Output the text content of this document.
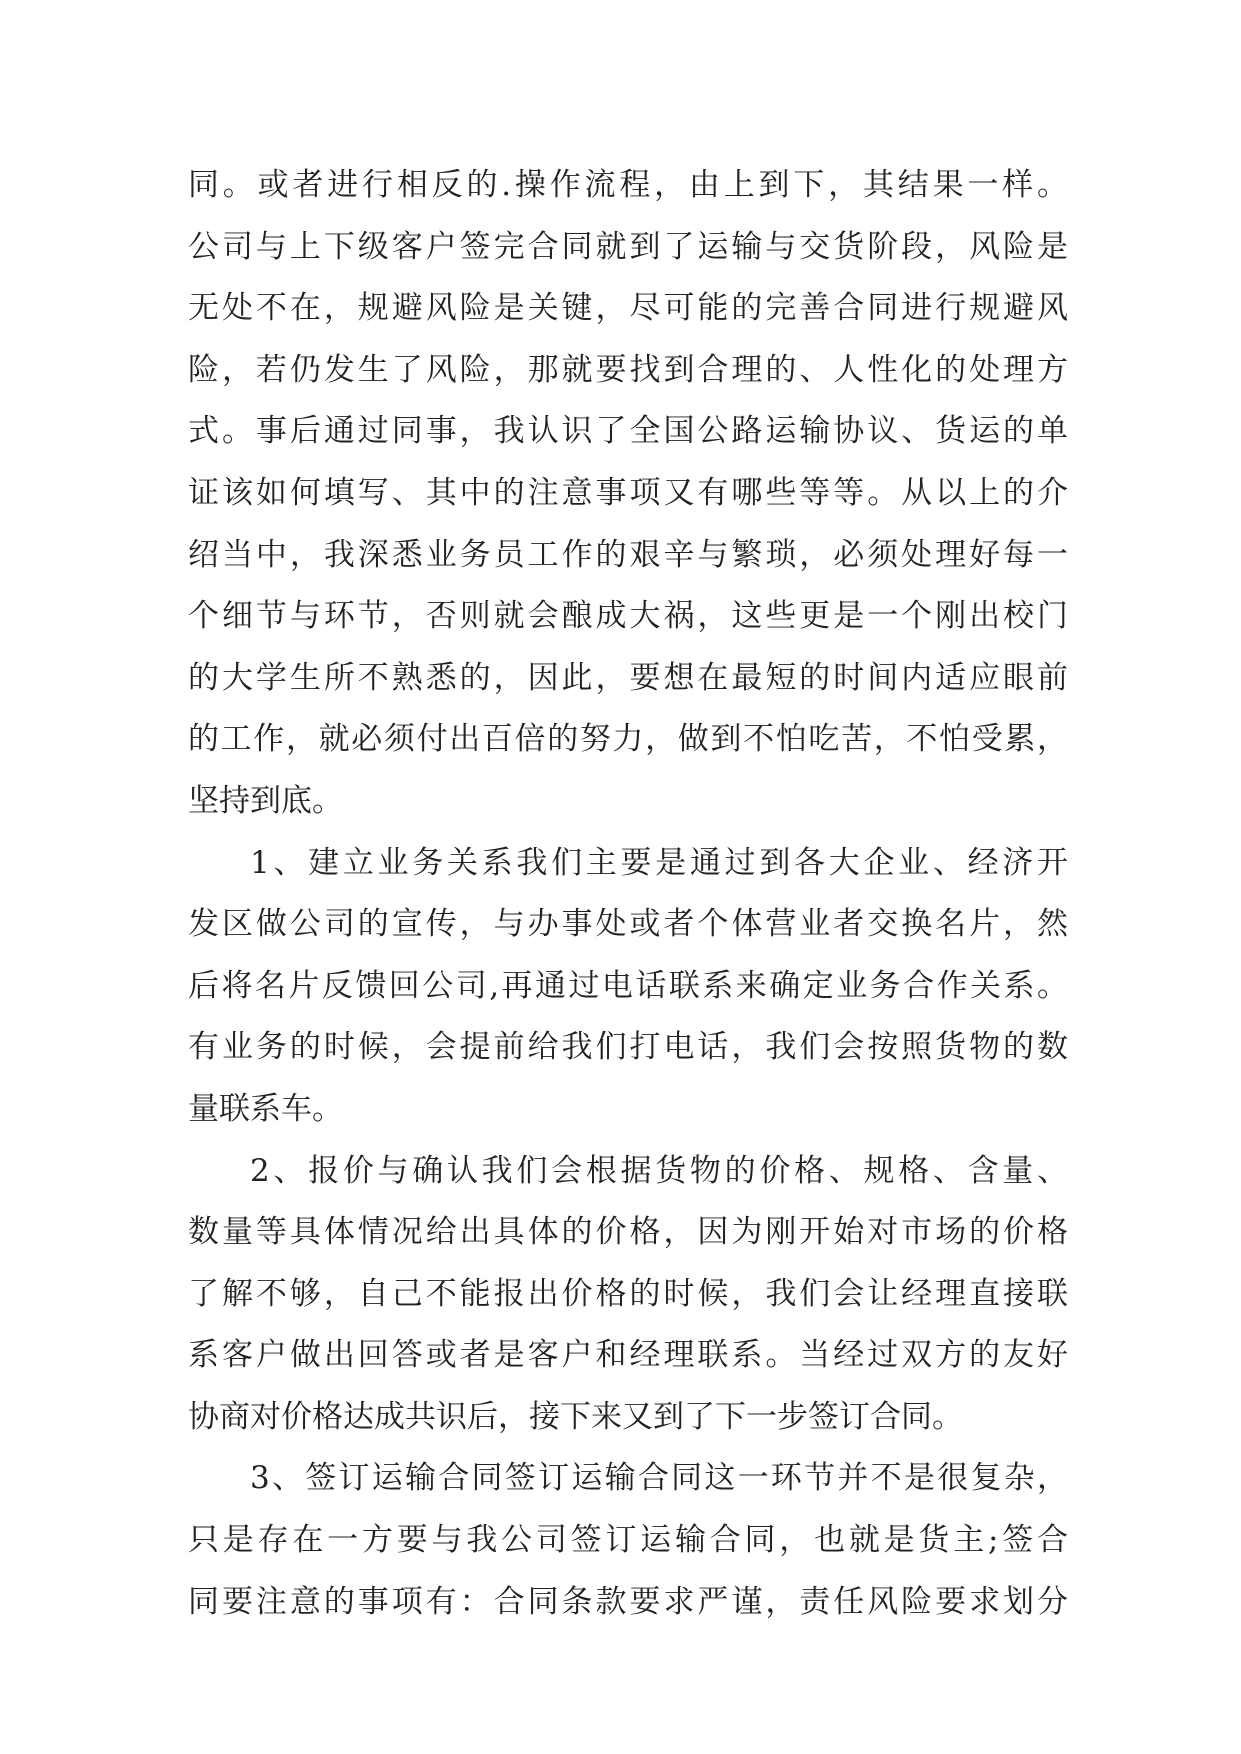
同。或者进行相反的.操作流程，由上到下，其结果一样。
公司与上下级客户签完合同就到了运输与交货阶段，风险是
无处不在，规避风险是关键，尽可能的完善合同进行规避风
险，若仍发生了风险，那就要找到合理的、人性化的处理方
式。事后通过同事，我认识了全国公路运输协议、货运的单
证该如何填写、其中的注意事项又有哪些等等。从以上的介
绍当中，我深悉业务员工作的艰辛与繁琐，必须处理好每一
个细节与环节，否则就会酿成大祸，这些更是一个刚出校门
的大学生所不熟悉的，因此，要想在最短的时间内适应眼前
的工作，就必须付出百倍的努力，做到不怕吃苦，不怕受累，
坚持到底。
1、建立业务关系我们主要是通过到各大企业、经济开
发区做公司的宣传，与办事处或者个体营业者交换名片，然
后将名片反馈回公司,再通过电话联系来确定业务合作关系。
有业务的时候，会提前给我们打电话，我们会按照货物的数
量联系车。
2、报价与确认我们会根据货物的价格、规格、含量、
数量等具体情况给出具体的价格，因为刚开始对市场的价格
了解不够，自己不能报出价格的时候，我们会让经理直接联
系客户做出回答或者是客户和经理联系。当经过双方的友好
协商对价格达成共识后，接下来又到了下一步签订合同。
3、签订运输合同签订运输合同这一环节并不是很复杂，
只是存在一方要与我公司签订运输合同，也就是货主;签合
同要注意的事项有：合同条款要求严谨，责任风险要求划分
